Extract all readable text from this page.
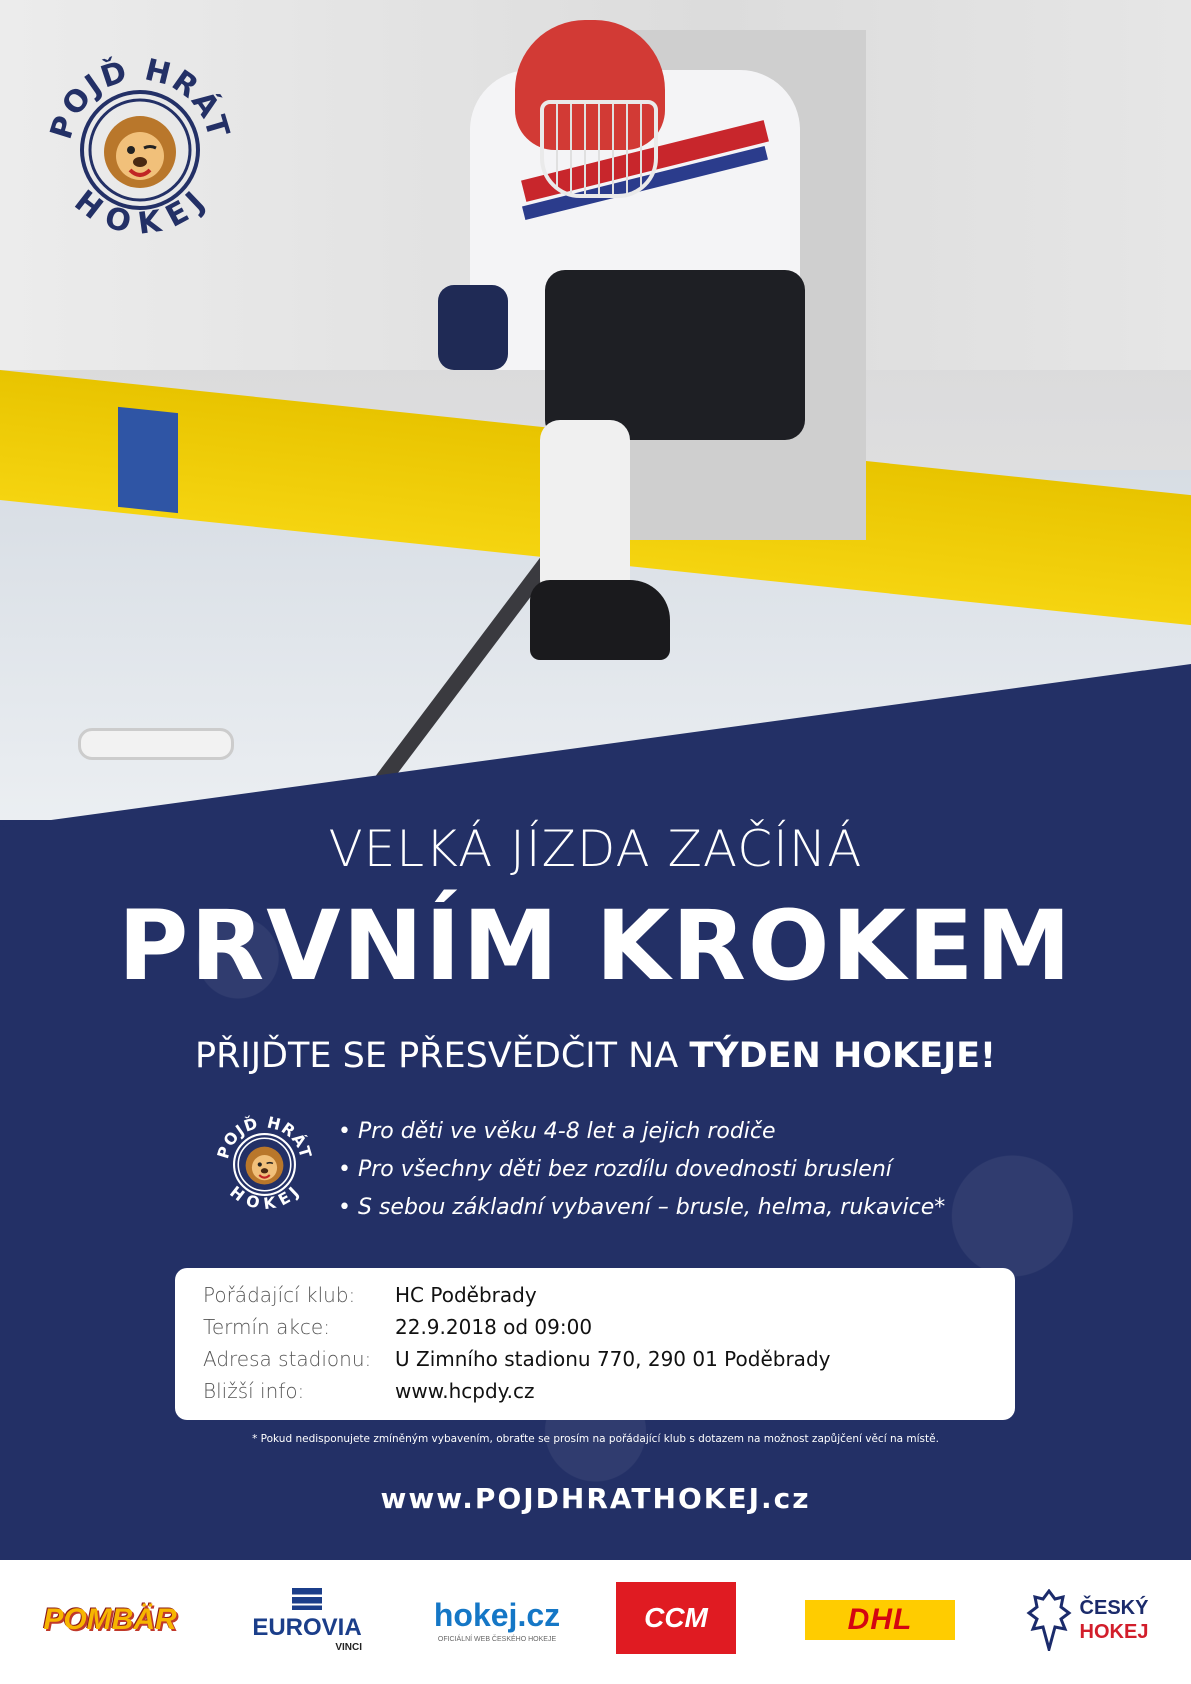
POJĎ HRÁT
HOKEJ
VELKÁ JÍZDA ZAČÍNÁ
PRVNÍM KROKEM
PŘIJĎTE SE PŘESVĚDČIT NA TÝDEN HOKEJE!
POJĎ HRÁT
HOKEJ
• Pro děti ve věku 4-8 let a jejich rodiče
• Pro všechny děti bez rozdílu dovednosti bruslení
• S sebou základní vybavení – brusle, helma, rukavice*
Pořádající klub:	HC Poděbrady
Termín akce:	22.9.2018 od 09:00
Adresa stadionu:	U Zimního stadionu 770, 290 01 Poděbrady
Bližší info:	www.hcpdy.cz
* Pokud nedisponujete zmíněným vybavením, obraťte se prosím na pořádající klub s dotazem na možnost zapůjčení věcí na místě.
www.POJDHRATHOKEJ.cz
POMBÄR	EUROVIA
VINCI
hokej.cz
OFICIÁLNÍ WEB ČESKÉHO HOKEJE
CCM	DHL	ČESKÝ
HOKEJ
